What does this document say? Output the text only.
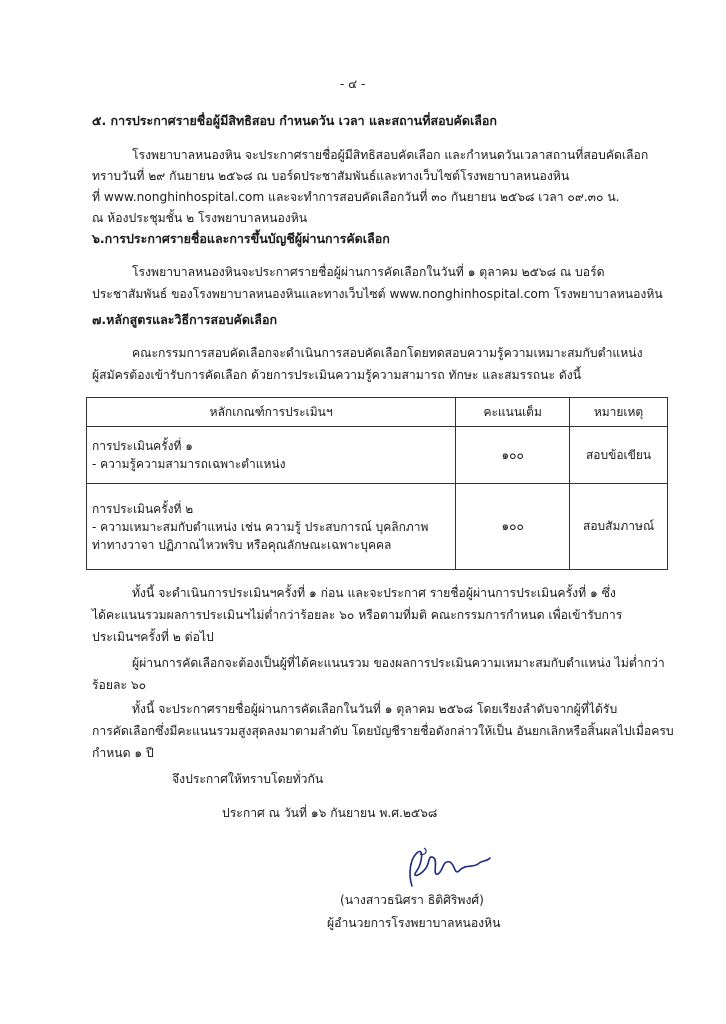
- ๔ -
๕. การประกาศรายชื่อผู้มีสิทธิสอบ กำหนดวัน เวลา และสถานที่สอบคัดเลือก
โรงพยาบาลหนองหิน จะประกาศรายชื่อผู้มีสิทธิสอบคัดเลือก และกำหนดวันเวลาสถานที่สอบคัดเลือก
ทราบวันที่ ๒๙ กันยายน ๒๕๖๘ ณ บอร์ดประชาสัมพันธ์และทางเว็บไซต์โรงพยาบาลหนองหิน
ที่ www.nonghinhospital.com และจะทำการสอบคัดเลือกวันที่ ๓๐ กันยายน ๒๕๖๘ เวลา ๐๙.๓๐ น.
ณ ห้องประชุมชั้น ๒ โรงพยาบาลหนองหิน
๖.การประกาศรายชื่อและการขึ้นบัญชีผู้ผ่านการคัดเลือก
โรงพยาบาลหนองหินจะประกาศรายชื่อผู้ผ่านการคัดเลือกในวันที่ ๑ ตุลาคม ๒๕๖๘ ณ บอร์ด
ประชาสัมพันธ์ ของโรงพยาบาลหนองหินและทางเว็บไซต์ www.nonghinhospital.com โรงพยาบาลหนองหิน
๗.หลักสูตรและวิธีการสอบคัดเลือก
คณะกรรมการสอบคัดเลือกจะดำเนินการสอบคัดเลือกโดยทดสอบความรู้ความเหมาะสมกับตำแหน่ง
ผู้สมัครต้องเข้ารับการคัดเลือก ด้วยการประเมินความรู้ความสามารถ ทักษะ และสมรรถนะ ดังนี้
หลักเกณฑ์การประเมินฯ	คะแนนเต็ม	หมายเหตุ

การประเมินครั้งที่ ๑
- ความรู้ความสามารถเฉพาะตำแหน่ง	๑๐๐	สอบข้อเขียน

การประเมินครั้งที่ ๒
- ความเหมาะสมกับตำแหน่ง เช่น ความรู้ ประสบการณ์ บุคลิกภาพ
ท่าทางวาจา ปฏิภาณไหวพริบ หรือคุณลักษณะเฉพาะบุคคล	๑๐๐	สอบสัมภาษณ์
ทั้งนี้ จะดำเนินการประเมินฯครั้งที่ ๑ ก่อน และจะประกาศ รายชื่อผู้ผ่านการประเมินครั้งที่ ๑ ซึ่ง
ได้คะแนนรวมผลการประเมินฯไม่ต่ำกว่าร้อยละ ๖๐ หรือตามที่มติ คณะกรรมการกำหนด เพื่อเข้ารับการ
ประเมินฯครั้งที่ ๒ ต่อไป
ผู้ผ่านการคัดเลือกจะต้องเป็นผู้ที่ได้คะแนนรวม ของผลการประเมินความเหมาะสมกับตำแหน่ง ไม่ต่ำกว่า
ร้อยละ ๖๐
ทั้งนี้ จะประกาศรายชื่อผู้ผ่านการคัดเลือกในวันที่ ๑ ตุลาคม ๒๕๖๘ โดยเรียงลำดับจากผู้ที่ได้รับ
การคัดเลือกซึ่งมีคะแนนรวมสูงสุดลงมาตามลำดับ โดยบัญชีรายชื่อดังกล่าวให้เป็น อันยกเลิกหรือสิ้นผลไปเมื่อครบ
กำหนด ๑ ปี
จึงประกาศให้ทราบโดยทั่วกัน
ประกาศ ณ วันที่ ๑๖ กันยายน พ.ศ.๒๕๖๘
(นางสาวธนิศรา ธิติศิริพงศ์)
ผู้อำนวยการโรงพยาบาลหนองหิน
